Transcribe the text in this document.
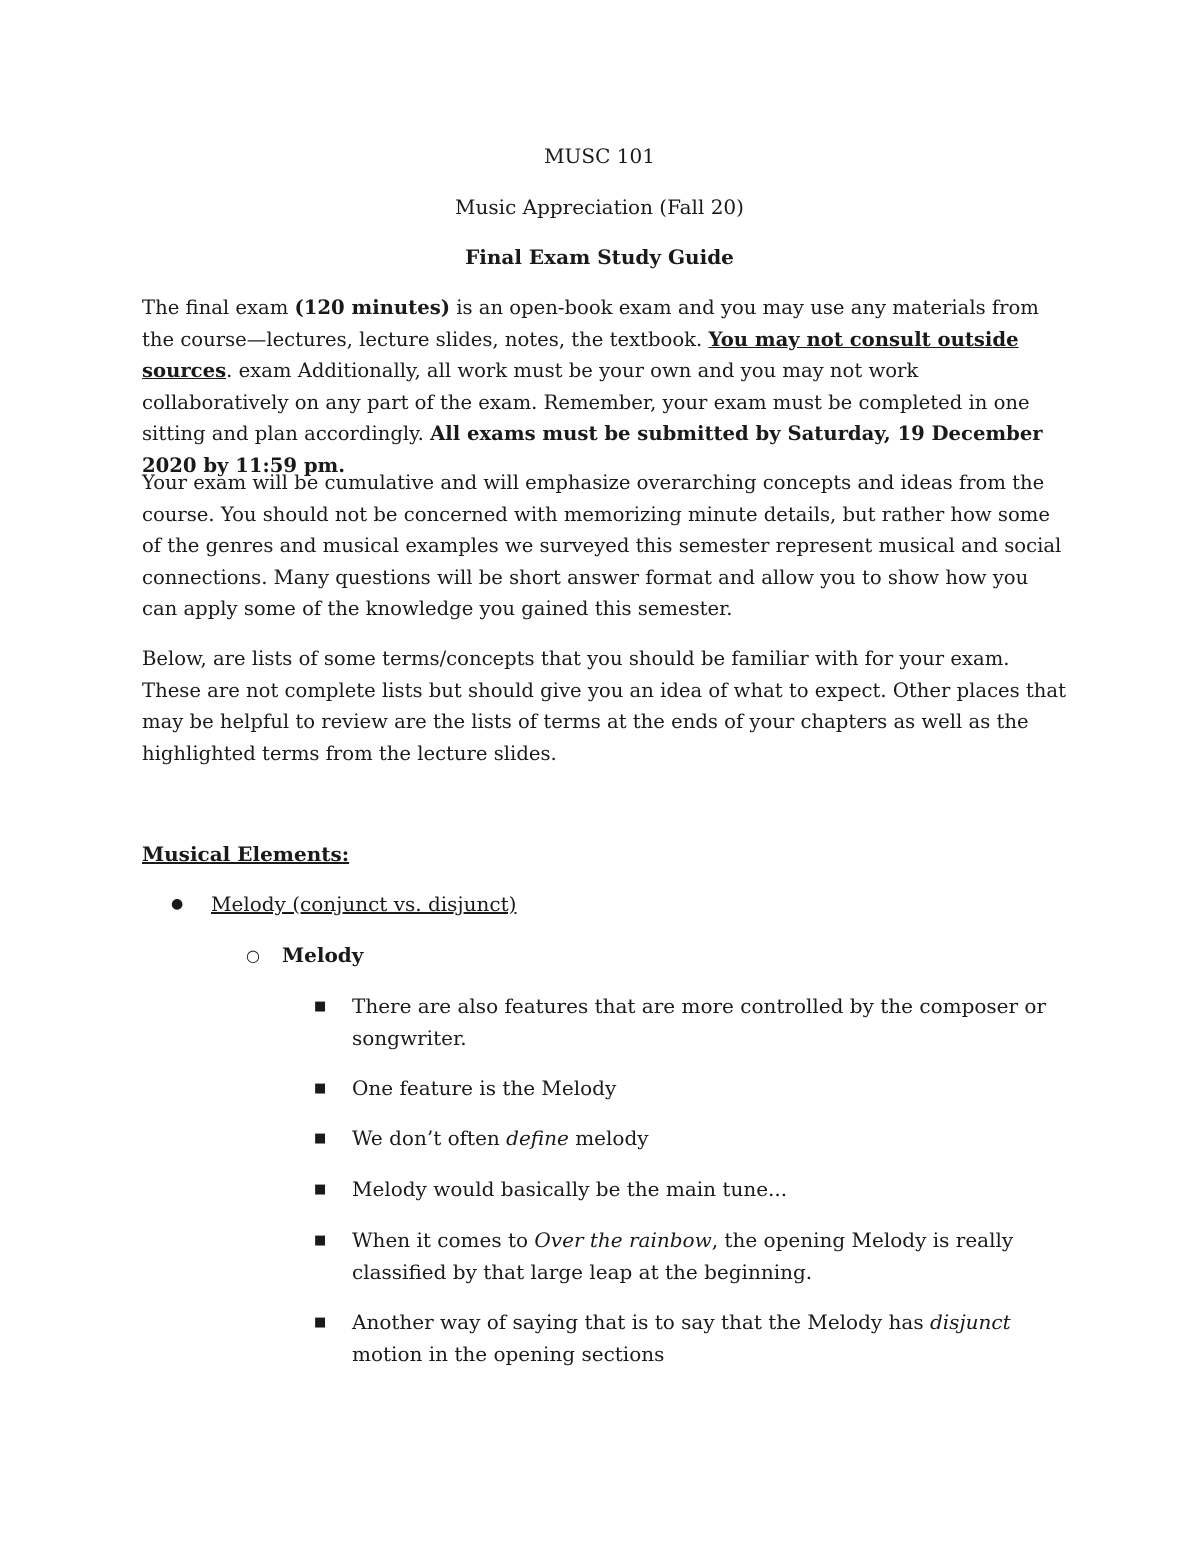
MUSC 101
Music Appreciation (Fall 20)
Final Exam Study Guide

The final exam (120 minutes) is an open-book exam and you may use any materials from the course—lectures, lecture slides, notes, the textbook. You may not consult outside sources. exam Additionally, all work must be your own and you may not work collaboratively on any part of the exam. Remember, your exam must be completed in one sitting and plan accordingly. All exams must be submitted by Saturday, 19 December 2020 by 11:59 pm.

Your exam will be cumulative and will emphasize overarching concepts and ideas from the course. You should not be concerned with memorizing minute details, but rather how some of the genres and musical examples we surveyed this semester represent musical and social connections. Many questions will be short answer format and allow you to show how you can apply some of the knowledge you gained this semester.

Below, are lists of some terms/concepts that you should be familiar with for your exam. These are not complete lists but should give you an idea of what to expect. Other places that may be helpful to review are the lists of terms at the ends of your chapters as well as the highlighted terms from the lecture slides.

Musical Elements:
●	Melody (conjunct vs. disjunct)
○	Melody
■	There are also features that are more controlled by the composer or songwriter.
■	One feature is the Melody
■	We don’t often define melody
■	Melody would basically be the main tune...
■	When it comes to Over the rainbow, the opening Melody is really classified by that large leap at the beginning.
■	Another way of saying that is to say that the Melody has disjunct motion in the opening sections
